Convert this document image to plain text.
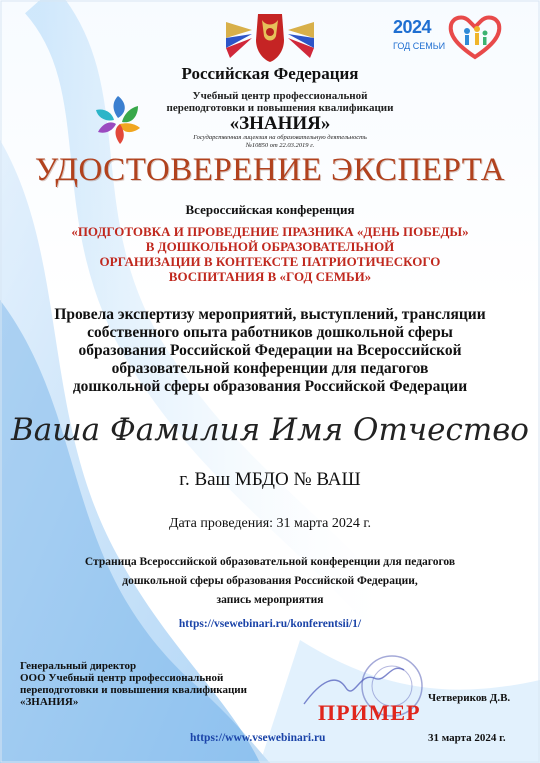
2024
ГОД СЕМЬИ
Российская Федерация
Учебный центр профессиональной
переподготовки и повышения квалификации
«ЗНАНИЯ»
Государственная лицензия на образовательную деятельность
№10850 от 22.03.2019 г.
УДОСТОВЕРЕНИЕ ЭКСПЕРТА
Всероссийская конференция
«ПОДГОТОВКА И ПРОВЕДЕНИЕ ПРАЗНИКА «ДЕНЬ ПОБЕДЫ»
В ДОШКОЛЬНОЙ ОБРАЗОВАТЕЛЬНОЙ
ОРГАНИЗАЦИИ В КОНТЕКСТЕ ПАТРИОТИЧЕСКОГО
ВОСПИТАНИЯ В «ГОД СЕМЬИ»
Провела экспертизу мероприятий, выступлений, трансляции
собственного опыта работников дошкольной сферы
образования Российской Федерации на Всероссийской
образовательной конференции для педагогов
дошкольной сферы образования Российской Федерации
Ваша Фамилия Имя Отчество
г. Ваш МБДО № ВАШ
Дата проведения: 31 марта 2024 г.
Страница Всероссийской образовательной конференции для педагогов
дошкольной сферы образования Российской Федерации,
запись мероприятия
https://vsewebinari.ru/konferentsii/1/
Генеральный директор
ООО Учебный центр профессиональной
переподготовки и повышения квалификации
«ЗНАНИЯ»	ПРИМЕР
Четвериков Д.В.
https://www.vsewebinari.ru	31 марта 2024 г.
